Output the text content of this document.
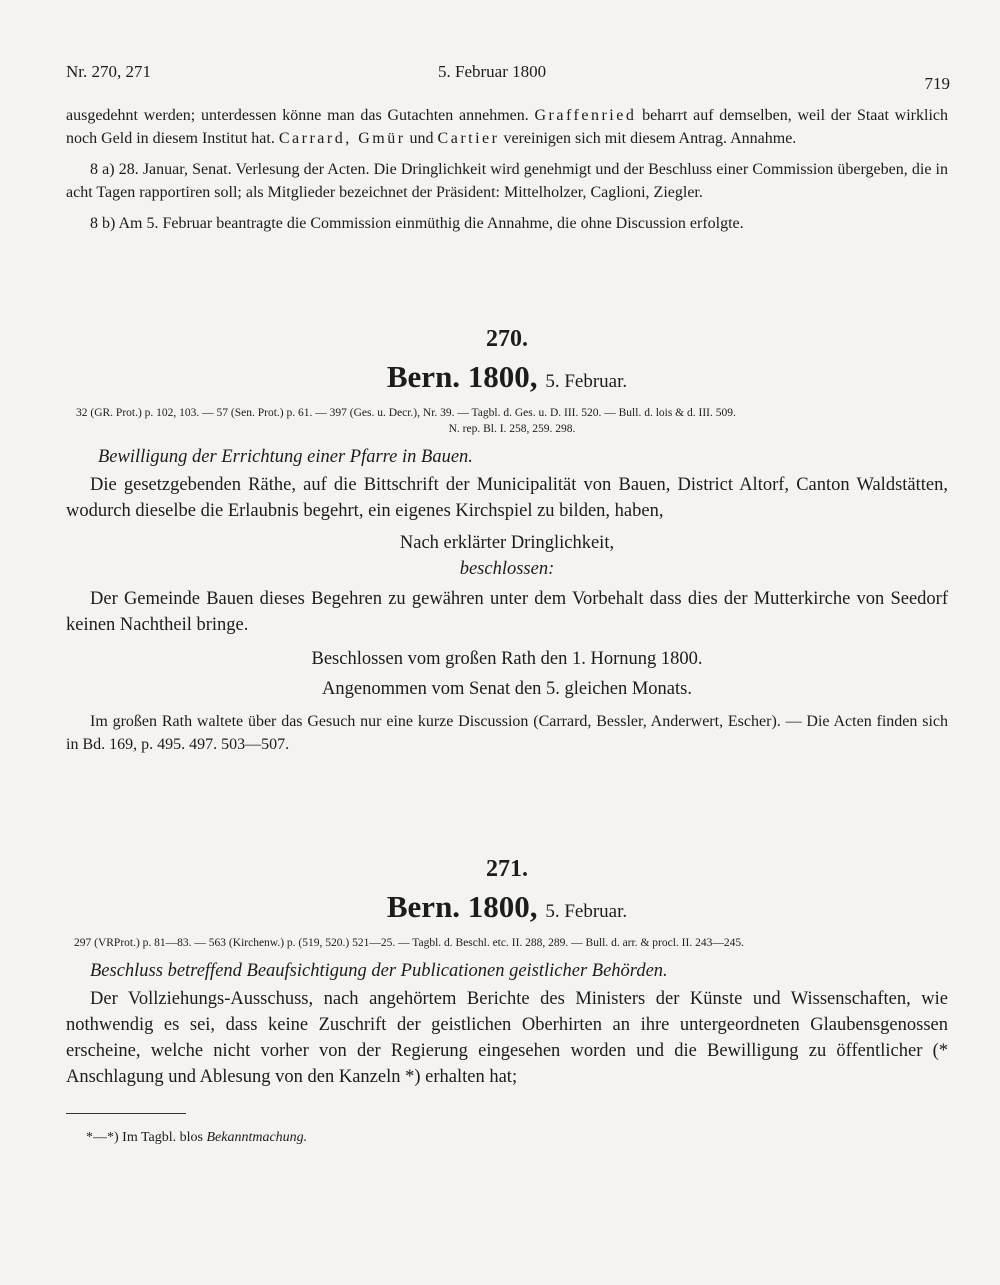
Nr. 270, 271	5. Februar 1800
719

ausgedehnt werden; unterdessen könne man das Gutachten annehmen. Graffenried beharrt auf demselben, weil der Staat wirklich noch Geld in diesem Institut hat. Carrard, Gmür und Cartier vereinigen sich mit diesem Antrag. Annahme.

8 a) 28. Januar, Senat. Verlesung der Acten. Die Dringlichkeit wird genehmigt und der Beschluss einer Commission übergeben, die in acht Tagen rapportiren soll; als Mitglieder bezeichnet der Präsident: Mittelholzer, Caglioni, Ziegler.

8 b) Am 5. Februar beantragte die Commission einmüthig die Annahme, die ohne Discussion erfolgte.

270.
Bern. 1800, 5. Februar.
32 (GR. Prot.) p. 102, 103. — 57 (Sen. Prot.) p. 61. — 397 (Ges. u. Decr.), Nr. 39. — Tagbl. d. Ges. u. D. III. 520. — Bull. d. lois & d. III. 509.
N. rep. Bl. I. 258, 259. 298.
Bewilligung der Errichtung einer Pfarre in Bauen.

Die gesetzgebenden Räthe, auf die Bittschrift der Municipalität von Bauen, District Altorf, Canton Waldstätten, wodurch dieselbe die Erlaubnis begehrt, ein eigenes Kirchspiel zu bilden, haben,

Nach erklärter Dringlichkeit,

beschlossen:

Der Gemeinde Bauen dieses Begehren zu gewähren unter dem Vorbehalt dass dies der Mutterkirche von Seedorf keinen Nachtheil bringe.

Beschlossen vom großen Rath den 1. Hornung 1800.

Angenommen vom Senat den 5. gleichen Monats.

Im großen Rath waltete über das Gesuch nur eine kurze Discussion (Carrard, Bessler, Anderwert, Escher). — Die Acten finden sich in Bd. 169, p. 495. 497. 503—507.

271.
Bern. 1800, 5. Februar.
297 (VRProt.) p. 81—83. — 563 (Kirchenw.) p. (519, 520.) 521—25. — Tagbl. d. Beschl. etc. II. 288, 289. — Bull. d. arr. & procl. II. 243—245.
Beschluss betreffend Beaufsichtigung der Publicationen geistlicher Behörden.

Der Vollziehungs-Ausschuss, nach angehörtem Berichte des Ministers der Künste und Wissenschaften, wie nothwendig es sei, dass keine Zuschrift der geistlichen Oberhirten an ihre untergeordneten Glaubensgenossen erscheine, welche nicht vorher von der Regierung eingesehen worden und die Bewilligung zu öffentlicher (* Anschlagung und Ablesung von den Kanzeln *) erhalten hat;

*—*) Im Tagbl. blos Bekanntmachung.
